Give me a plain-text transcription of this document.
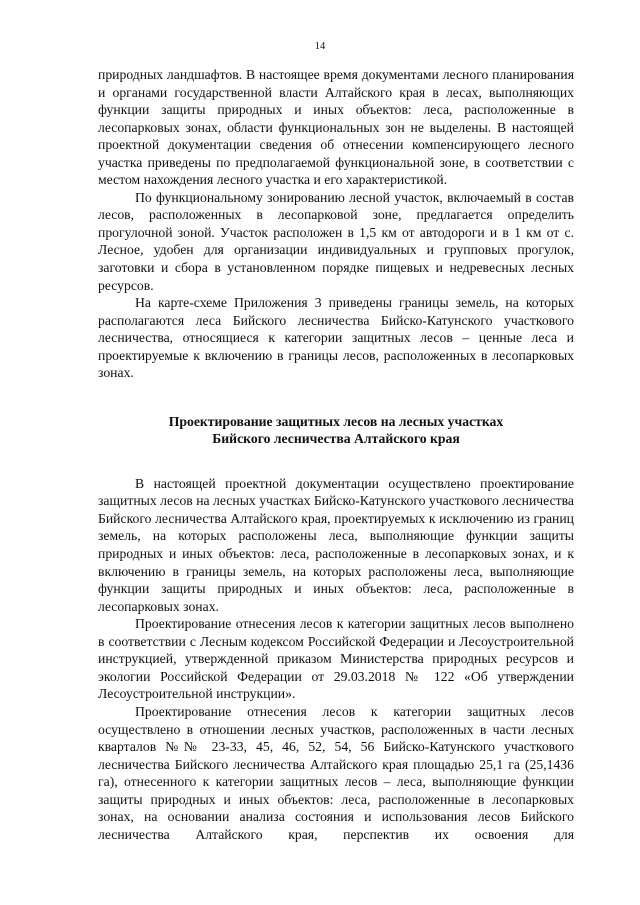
14

природных ландшафтов. В настоящее время документами лесного планирования и органами государственной власти Алтайского края в лесах, выполняющих функции защиты природных и иных объектов: леса, расположенные в лесопарковых зонах, области функциональных зон не выделены. В настоящей проектной документации сведения об отнесении компенсирующего лесного участка приведены по предполагаемой функциональной зоне, в соответствии с местом нахождения лесного участка и его характеристикой.

По функциональному зонированию лесной участок, включаемый в состав лесов, расположенных в лесопарковой зоне, предлагается определить прогулочной зоной. Участок расположен в 1,5 км от автодороги и в 1 км от с. Лесное, удобен для организации индивидуальных и групповых прогулок, заготовки и сбора в установленном порядке пищевых и недревесных лесных ресурсов.

На карте-схеме Приложения 3 приведены границы земель, на которых располагаются леса Бийского лесничества Бийско-Катунского участкового лесничества, относящиеся к категории защитных лесов – ценные леса и проектируемые к включению в границы лесов, расположенных в лесопарковых зонах.

Проектирование защитных лесов на лесных участках
Бийского лесничества Алтайского края

В настоящей проектной документации осуществлено проектирование защитных лесов на лесных участках Бийско-Катунского участкового лесничества Бийского лесничества Алтайского края, проектируемых к исключению из границ земель, на которых расположены леса, выполняющие функции защиты природных и иных объектов: леса, расположенные в лесопарковых зонах, и к включению в границы земель, на которых расположены леса, выполняющие функции защиты природных и иных объектов: леса, расположенные в лесопарковых зонах.

Проектирование отнесения лесов к категории защитных лесов выполнено в соответствии с Лесным кодексом Российской Федерации и Лесоустроительной инструкцией, утвержденной приказом Министерства природных ресурсов и экологии Российской Федерации от 29.03.2018 № 122 «Об утверждении Лесоустроительной инструкции».

Проектирование отнесения лесов к категории защитных лесов осуществлено в отношении лесных участков, расположенных в части лесных кварталов №№ 23-33, 45, 46, 52, 54, 56 Бийско-Катунского участкового лесничества Бийского лесничества Алтайского края площадью 25,1 га (25,1436 га), отнесенного к категории защитных лесов – леса, выполняющие функции защиты природных и иных объектов: леса, расположенные в лесопарковых зонах, на основании анализа состояния и использования лесов Бийского лесничества Алтайского края, перспектив их освоения для
